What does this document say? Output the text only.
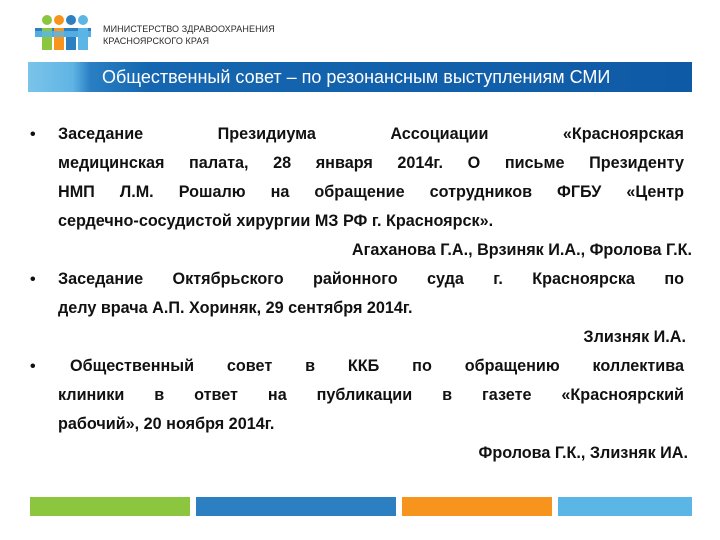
МИНИСТЕРСТВО ЗДРАВООХРАНЕНИЯ
КРАСНОЯРСКОГО КРАЯ
Общественный совет – по резонансным выступлениям СМИ
• Заседание Президиума Ассоциации «Красноярская
медицинская палата, 28 января 2014г. О письме Президенту
НМП Л.М. Рошалю на обращение сотрудников ФГБУ «Центр
сердечно-сосудистой хирургии МЗ РФ г. Красноярск».
Агаханова Г.А., Врзиняк И.А., Фролова Г.К.
• Заседание Октябрьского районного суда г. Красноярска по
делу врача А.П. Хориняк, 29 сентября 2014г.
Злизняк И.А.
• Общественный совет в ККБ по обращению коллектива
клиники в ответ на публикации в газете «Красноярский
рабочий», 20 ноября 2014г.
Фролова Г.К., Злизняк ИА.
